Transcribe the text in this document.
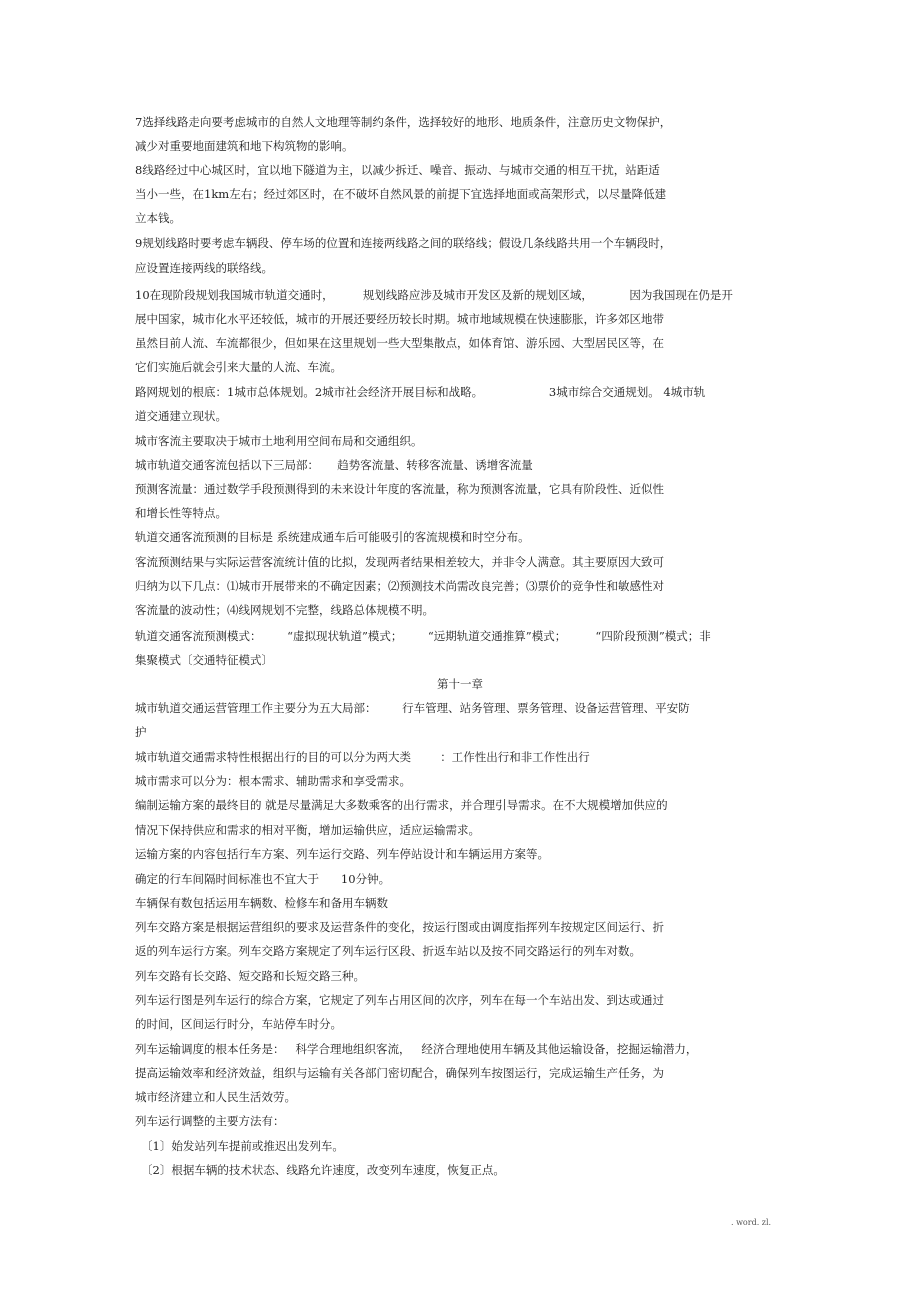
7选择线路走向要考虑城市的自然人文地理等制约条件，选择较好的地形、地质条件，注意历史文物保护，
减少对重要地面建筑和地下构筑物的影响。
8线路经过中心城区时，宜以地下隧道为主，以减少拆迁、噪音、振动、与城市交通的相互干扰，站距适
当小一些，在1km左右；经过郊区时，在不破坏自然风景的前提下宜选择地面或高架形式，以尽量降低建
立本钱。
9规划线路时要考虑车辆段、停车场的位置和连接两线路之间的联络线；假设几条线路共用一个车辆段时，
应设置连接两线的联络线。
10在现阶段规划我国城市轨道交通时，        规划线路应涉及城市开发区及新的规划区域，          因为我国现在仍是开
展中国家，城市化水平还较低，城市的开展还要经历较长时期。城市地域规模在快速膨胀，许多郊区地带
虽然目前人流、车流都很少，但如果在这里规划一些大型集散点，如体育馆、游乐园、大型居民区等，在
它们实施后就会引来大量的人流、车流。
路网规划的根底：1城市总体规划。2城市社会经济开展目标和战略。                  3城市综合交通规划。 4城市轨
道交通建立现状。
城市客流主要取决于城市土地利用空间布局和交通组织。
城市轨道交通客流包括以下三局部：     趋势客流量、转移客流量、诱增客流量
预测客流量：通过数学手段预测得到的未来设计年度的客流量，称为预测客流量，它具有阶段性、近似性
和增长性等特点。
轨道交通客流预测的目标是 系统建成通车后可能吸引的客流规模和时空分布。
客流预测结果与实际运营客流统计值的比拟，发现两者结果相差较大，并非令人满意。其主要原因大致可
归纳为以下几点：⑴城市开展带来的不确定因素；⑵预测技术尚需改良完善；⑶票价的竞争性和敏感性对
客流量的波动性；⑷线网规划不完整，线路总体规模不明。
轨道交通客流预测模式：       “虚拟现状轨道”模式；       “远期轨道交通推算”模式；        “四阶段预测”模式；非
集聚模式〔交通特征模式〕
第十一章
城市轨道交通运营管理工作主要分为五大局部：       行车管理、站务管理、票务管理、设备运营管理、平安防
护
城市轨道交通需求特性根据出行的目的可以分为两大类        ：工作性出行和非工作性出行
城市需求可以分为：根本需求、辅助需求和享受需求。
编制运输方案的最终目的 就是尽量满足大多数乘客的出行需求，并合理引导需求。在不大规模增加供应的
情况下保持供应和需求的相对平衡，增加运输供应，适应运输需求。
运输方案的内容包括行车方案、列车运行交路、列车停站设计和车辆运用方案等。
确定的行车间隔时间标准也不宜大于      10分钟。
车辆保有数包括运用车辆数、检修车和备用车辆数
列车交路方案是根据运营组织的要求及运营条件的变化，按运行图或由调度指挥列车按规定区间运行、折
返的列车运行方案。列车交路方案规定了列车运行区段、折返车站以及按不同交路运行的列车对数。
列车交路有长交路、短交路和长短交路三种。
列车运行图是列车运行的综合方案，它规定了列车占用区间的次序，列车在每一个车站出发、到达或通过
的时间，区间运行时分，车站停车时分。
列车运输调度的根本任务是：   科学合理地组织客流，   经济合理地使用车辆及其他运输设备，挖掘运输潜力，
提高运输效率和经济效益，组织与运输有关各部门密切配合，确保列车按图运行，完成运输生产任务，为
城市经济建立和人民生活效劳。
列车运行调整的主要方法有：
〔1〕始发站列车提前或推迟出发列车。
〔2〕根据车辆的技术状态、线路允许速度，改变列车速度，恢复正点。
. word. zl.
